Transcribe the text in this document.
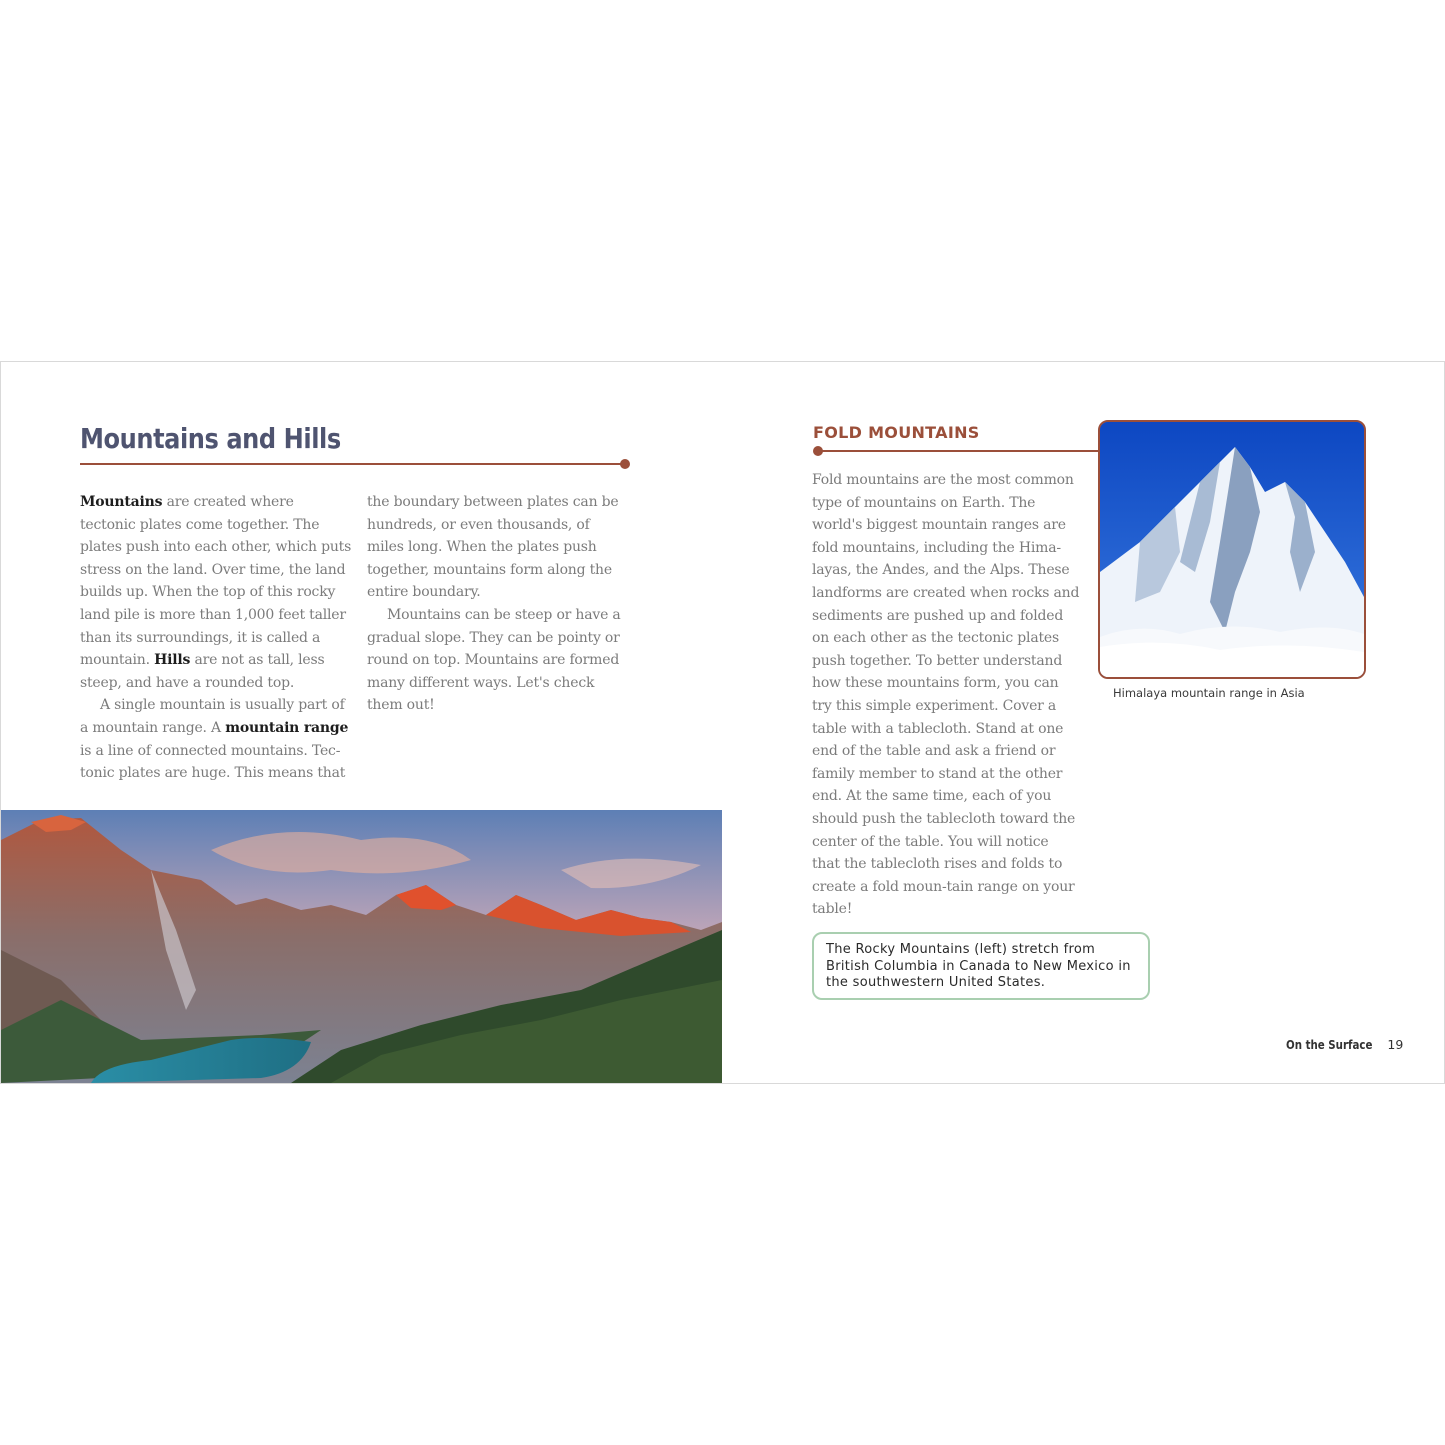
Mountains and Hills

Mountains are created where tectonic plates come together. The plates push into each other, which puts stress on the land. Over time, the land builds up. When the top of this rocky land pile is more than 1,000 feet taller than its surroundings, it is called a mountain. Hills are not as tall, less steep, and have a rounded top.

A single mountain is usually part of a mountain range. A mountain range is a line of connected mountains. Tec-tonic plates are huge. This means that

the boundary between plates can be hundreds, or even thousands, of miles long. When the plates push together, mountains form along the entire boundary.

Mountains can be steep or have a gradual slope. They can be pointy or round on top. Mountains are formed many different ways. Let's check them out!

FOLD MOUNTAINS

Fold mountains are the most common type of mountains on Earth. The world's biggest mountain ranges are fold mountains, including the Hima-layas, the Andes, and the Alps. These landforms are created when rocks and sediments are pushed up and folded on each other as the tectonic plates push together. To better understand how these mountains form, you can try this simple experiment. Cover a table with a tablecloth. Stand at one end of the table and ask a friend or family member to stand at the other end. At the same time, each of you should push the tablecloth toward the center of the table. You will notice that the tablecloth rises and folds to create a fold moun-tain range on your table!

Himalaya mountain range in Asia

The Rocky Mountains (left) stretch from British Columbia in Canada to New Mexico in the southwestern United States.

On the Surface 19
